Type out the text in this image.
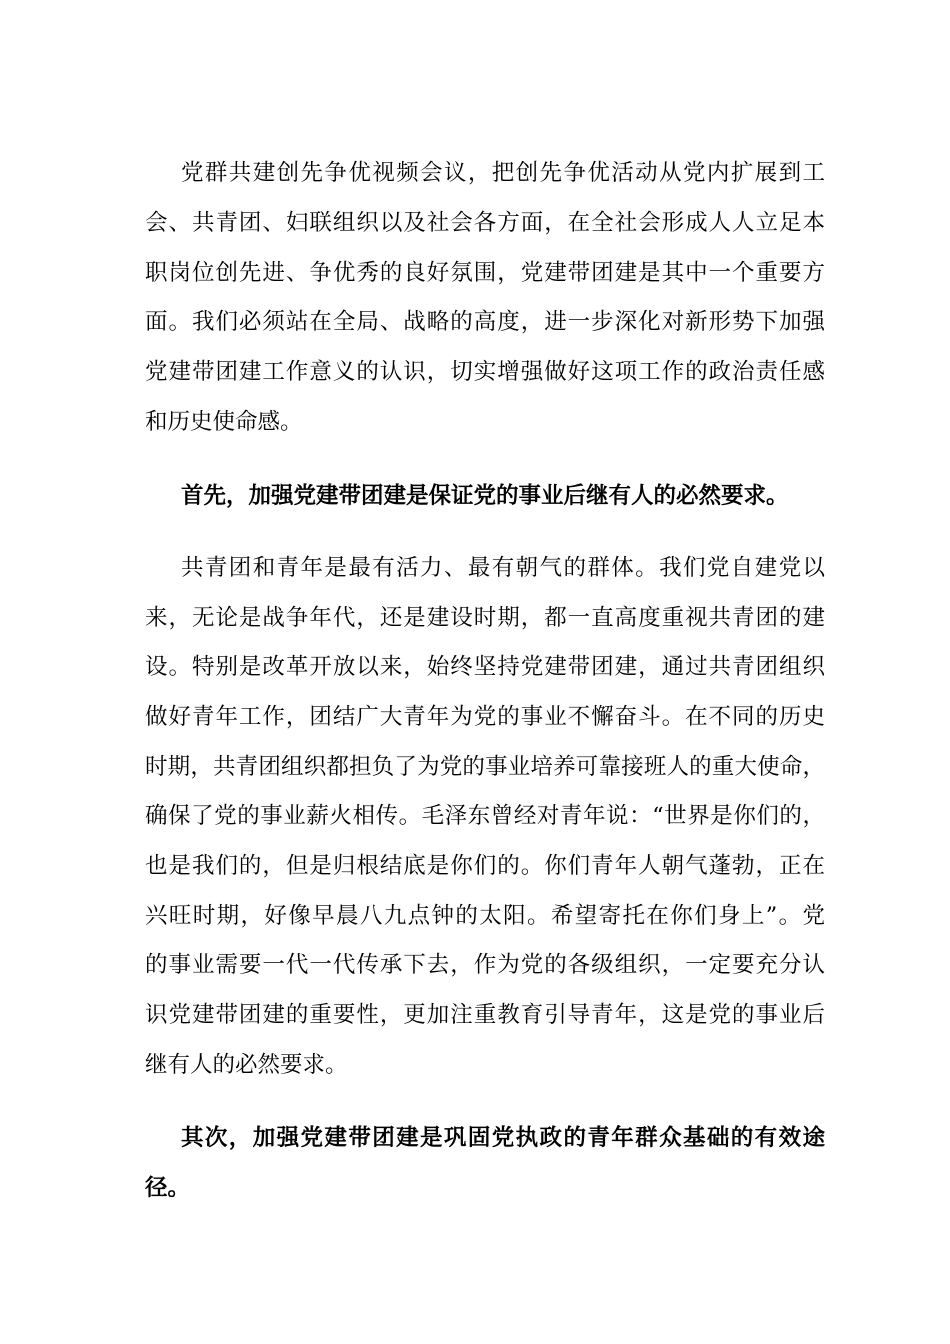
党群共建创先争优视频会议，把创先争优活动从党内扩展到工

会、共青团、妇联组织以及社会各方面，在全社会形成人人立足本

职岗位创先进、争优秀的良好氛围，党建带团建是其中一个重要方

面。我们必须站在全局、战略的高度，进一步深化对新形势下加强

党建带团建工作意义的认识，切实增强做好这项工作的政治责任感

和历史使命感。

首先，加强党建带团建是保证党的事业后继有人的必然要求。

共青团和青年是最有活力、最有朝气的群体。我们党自建党以

来，无论是战争年代，还是建设时期，都一直高度重视共青团的建

设。特别是改革开放以来，始终坚持党建带团建，通过共青团组织

做好青年工作，团结广大青年为党的事业不懈奋斗。在不同的历史

时期，共青团组织都担负了为党的事业培养可靠接班人的重大使命，

确保了党的事业薪火相传。毛泽东曾经对青年说：“世界是你们的，

也是我们的，但是归根结底是你们的。你们青年人朝气蓬勃，正在

兴旺时期，好像早晨八九点钟的太阳。希望寄托在你们身上”。党

的事业需要一代一代传承下去，作为党的各级组织，一定要充分认

识党建带团建的重要性，更加注重教育引导青年，这是党的事业后

继有人的必然要求。

其次，加强党建带团建是巩固党执政的青年群众基础的有效途

径。
